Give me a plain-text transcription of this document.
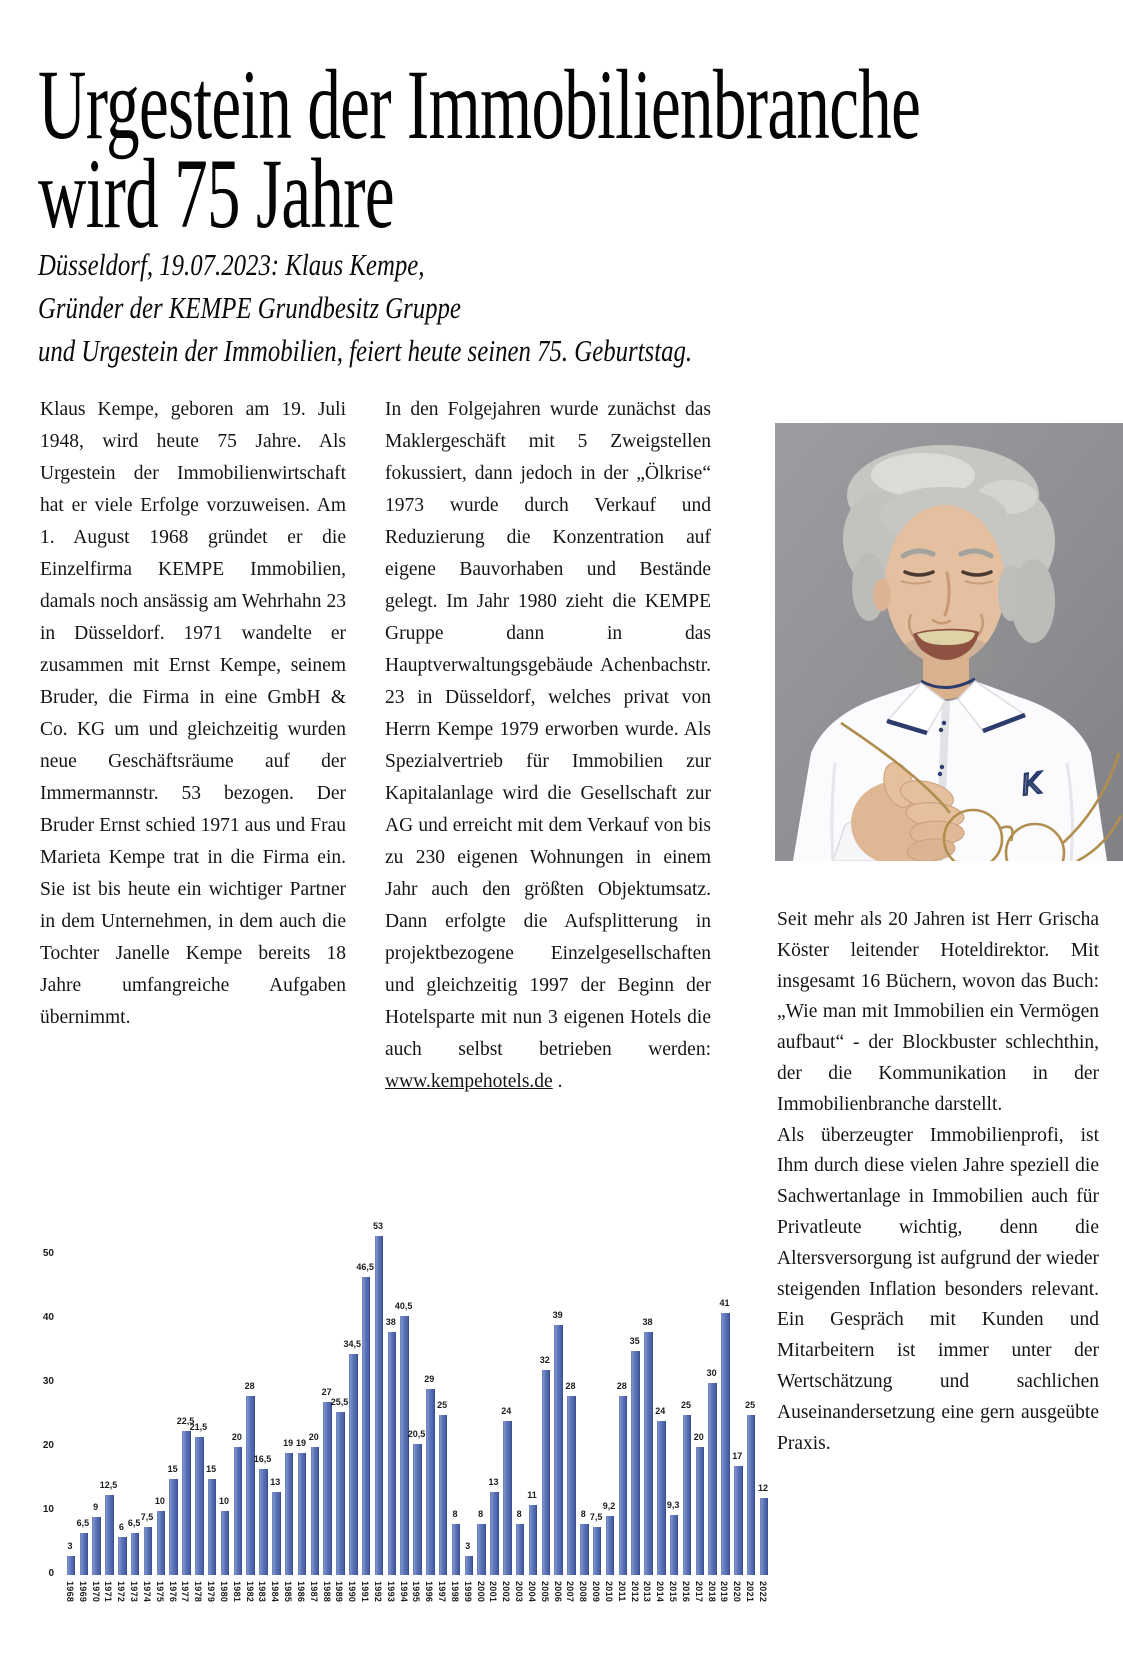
Urgestein der Immobilienbranche
wird 75 Jahre
Düsseldorf, 19.07.2023: Klaus Kempe,
Gründer der KEMPE Grundbesitz Gruppe
und Urgestein der Immobilien, feiert heute seinen 75. Geburtstag.

Klaus Kempe, geboren am 19. Juli 1948, wird heute 75 Jahre. Als Urgestein der Immobilienwirtschaft hat er viele Erfolge vorzuweisen. Am 1. August 1968 gründet er die Einzelfirma KEMPE Immobilien, damals noch ansässig am Wehrhahn 23 in Düsseldorf. 1971 wandelte er zusammen mit Ernst Kempe, seinem Bruder, die Firma in eine GmbH & Co. KG um und gleichzeitig wurden neue Geschäftsräume auf der Immermannstr. 53 bezogen. Der Bruder Ernst schied 1971 aus und Frau Marieta Kempe trat in die Firma ein. Sie ist bis heute ein wichtiger Partner in dem Unternehmen, in dem auch die Tochter Janelle Kempe bereits 18 Jahre umfangreiche Aufgaben übernimmt.

In den Folgejahren wurde zunächst das Maklergeschäft mit 5 Zweigstellen fokussiert, dann jedoch in der „Ölkrise“ 1973 wurde durch Verkauf und Reduzierung die Konzentration auf eigene Bauvorhaben und Bestände gelegt. Im Jahr 1980 zieht die KEMPE Gruppe dann in das Hauptverwaltungsgebäude Achenbachstr. 23 in Düsseldorf, welches privat von Herrn Kempe 1979 erworben wurde. Als Spezialvertrieb für Immobilien zur Kapitalanlage wird die Gesellschaft zur AG und erreicht mit dem Verkauf von bis zu 230 eigenen Wohnungen in einem Jahr auch den größten Objektumsatz. Dann erfolgte die Aufsplitterung in projektbezogene Einzelgesellschaften und gleichzeitig 1997 der Beginn der Hotelsparte mit nun 3 eigenen Hotels die auch selbst betrieben werden: www.kempehotels.de .

K

Seit mehr als 20 Jahren ist Herr Grischa Köster leitender Hoteldirektor. Mit insgesamt 16 Büchern, wovon das Buch: „Wie man mit Immobilien ein Vermögen aufbaut“ - der Blockbuster schlechthin, der die Kommunikation in der Immobilienbranche darstellt.

Als überzeugter Immobilienprofi, ist Ihm durch diese vielen Jahre speziell die Sachwertanlage in Immobilien auch für Privatleute wichtig, denn die Altersversorgung ist aufgrund der wieder steigenden Inflation besonders relevant. Ein Gespräch mit Kunden und Mitarbeitern ist immer unter der Wertschätzung und sachlichen Auseinandersetzung eine gern ausgeübte Praxis.

0
10
20
30
40
50
3
1968
6,5
1969
9
1970
12,5
1971
6
1972
6,5
1973
7,5
1974
10
1975
15
1976
22,5
1977
21,5
1978
15
1979
10
1980
20
1981
28
1982
16,5
1983
13
1984
19
1985
19
1986
20
1987
27
1988
25,5
1989
34,5
1990
46,5
1991
53
1992
38
1993
40,5
1994
20,5
1995
29
1996
25
1997
8
1998
3
1999
8
2000
13
2001
24
2002
8
2003
11
2004
32
2005
39
2006
28
2007
8
2008
7,5
2009
9,2
2010
28
2011
35
2012
38
2013
24
2014
9,3
2015
25
2016
20
2017
30
2018
41
2019
17
2020
25
2021
12
2022
